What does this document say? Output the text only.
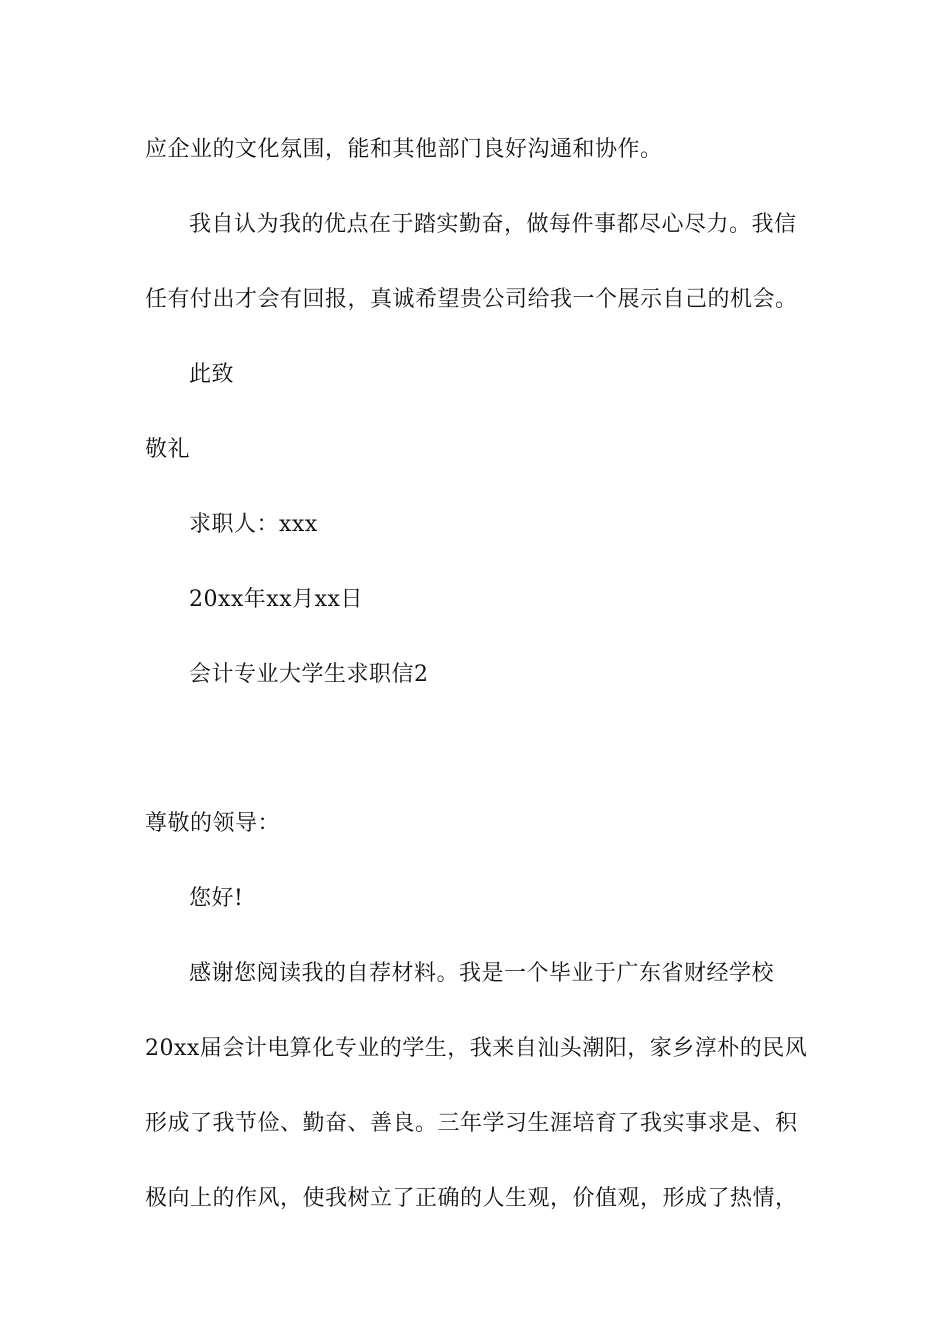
应企业的文化氛围，能和其他部门良好沟通和协作。
我自认为我的优点在于踏实勤奋，做每件事都尽心尽力。我信
任有付出才会有回报，真诚希望贵公司给我一个展示自己的机会。
此致
敬礼
求职人：xxx
20xx年xx月xx日
会计专业大学生求职信2
尊敬的领导：
您好!
感谢您阅读我的自荐材料。我是一个毕业于广东省财经学校
20xx届会计电算化专业的学生，我来自汕头潮阳，家乡淳朴的民风
形成了我节俭、勤奋、善良。三年学习生涯培育了我实事求是、积
极向上的作风，使我树立了正确的人生观，价值观，形成了热情，
